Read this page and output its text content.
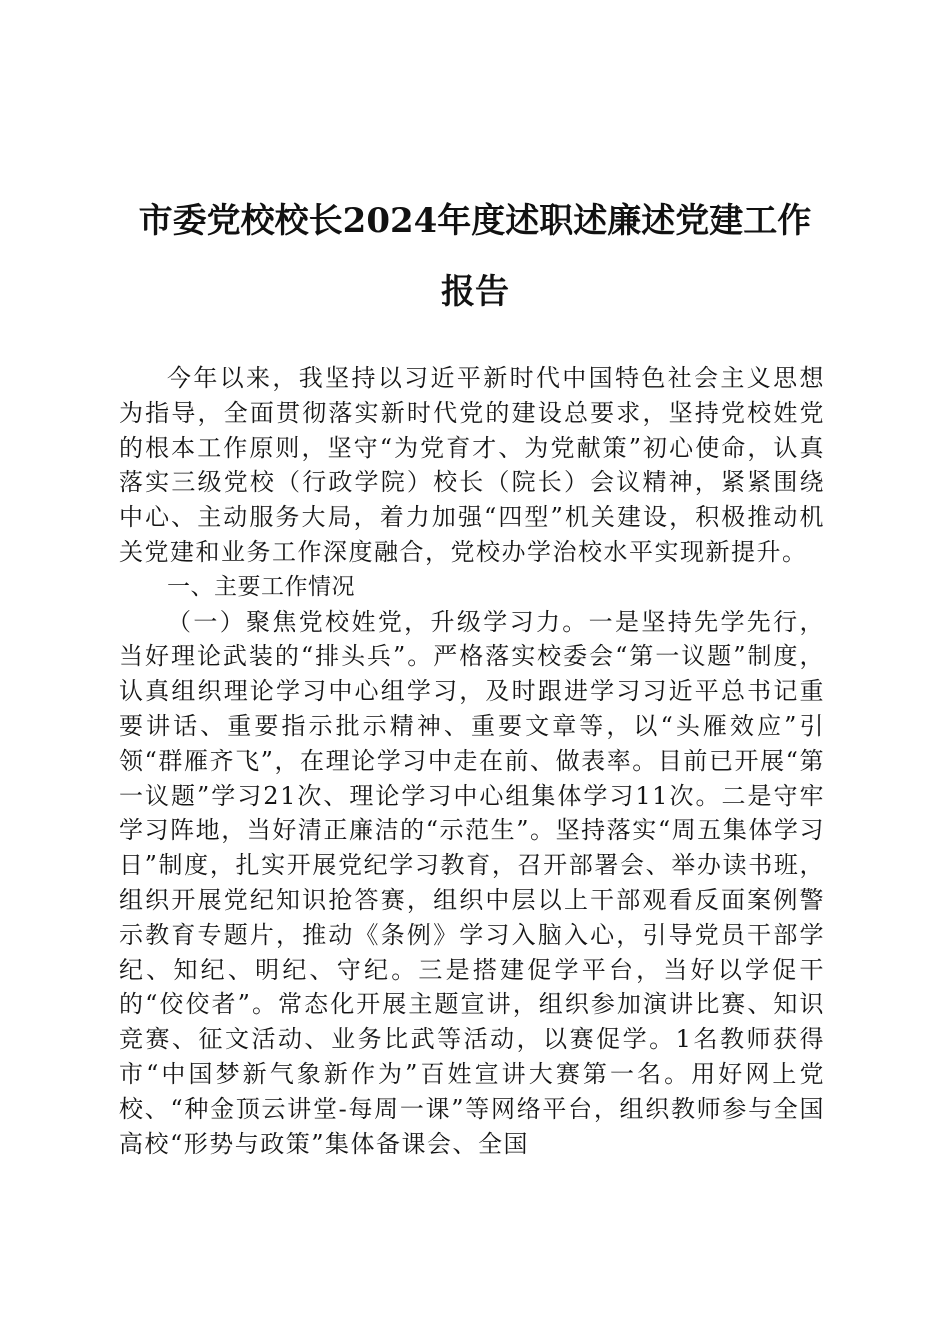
市委党校校长2024年度述职述廉述党建工作
报告

今年以来，我坚持以习近平新时代中国特色社会主义思想为指导，全面贯彻落实新时代党的建设总要求，坚持党校姓党的根本工作原则，坚守“为党育才、为党献策”初心使命，认真落实三级党校（行政学院）校长（院长）会议精神，紧紧围绕中心、主动服务大局，着力加强“四型”机关建设，积极推动机关党建和业务工作深度融合，党校办学治校水平实现新提升。

一、主要工作情况

（一）聚焦党校姓党，升级学习力。一是坚持先学先行，当好理论武装的“排头兵”。严格落实校委会“第一议题”制度，认真组织理论学习中心组学习，及时跟进学习习近平总书记重要讲话、重要指示批示精神、重要文章等，以“头雁效应”引领“群雁齐飞”，在理论学习中走在前、做表率。目前已开展“第一议题”学习21次、理论学习中心组集体学习11次。二是守牢学习阵地，当好清正廉洁的“示范生”。坚持落实“周五集体学习日”制度，扎实开展党纪学习教育，召开部署会、举办读书班，组织开展党纪知识抢答赛，组织中层以上干部观看反面案例警示教育专题片，推动《条例》学习入脑入心，引导党员干部学纪、知纪、明纪、守纪。三是搭建促学平台，当好以学促干的“佼佼者”。常态化开展主题宣讲，组织参加演讲比赛、知识竞赛、征文活动、业务比武等活动，以赛促学。1名教师获得市“中国梦新气象新作为”百姓宣讲大赛第一名。用好网上党校、“种金顶云讲堂-每周一课”等网络平台，组织教师参与全国高校“形势与政策”集体备课会、全国
